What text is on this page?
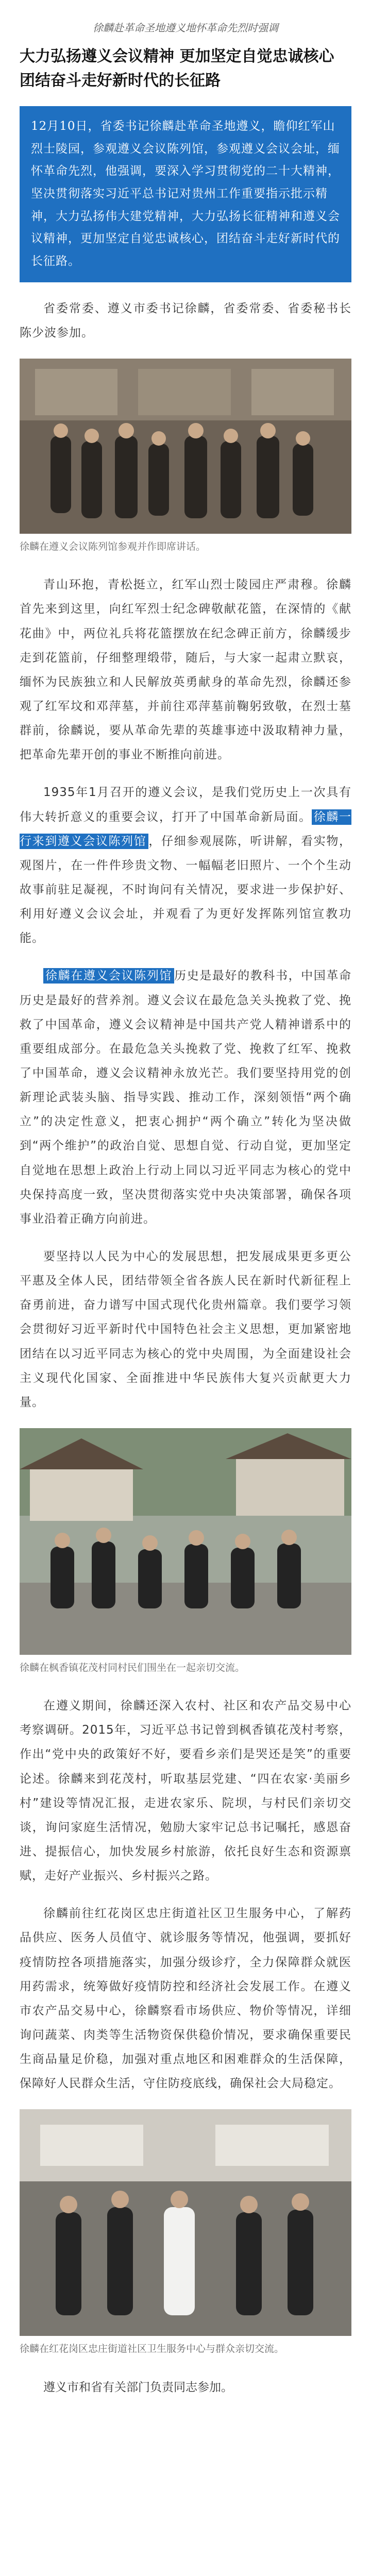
徐麟赴革命圣地遵义地怀革命先烈时强调
大力弘扬遵义会议精神 更加坚定自觉忠诚核心 团结奋斗走好新时代的长征路
12月10日，省委书记徐麟赴革命圣地遵义，瞻仰红军山烈士陵园，参观遵义会议陈列馆，参观遵义会议会址，缅怀革命先烈，他强调，要深入学习贯彻党的二十大精神，坚决贯彻落实习近平总书记对贵州工作重要指示批示精神，大力弘扬伟大建党精神，大力弘扬长征精神和遵义会议精神，更加坚定自觉忠诚核心，团结奋斗走好新时代的长征路。

省委常委、遵义市委书记徐麟，省委常委、省委秘书长陈少波参加。

徐麟在遵义会议陈列馆参观并作即席讲话。

青山环抱，青松挺立，红军山烈士陵园庄严肃穆。徐麟首先来到这里，向红军烈士纪念碑敬献花篮，在深情的《献花曲》中，两位礼兵将花篮摆放在纪念碑正前方，徐麟缓步走到花篮前，仔细整理缎带，随后，与大家一起肃立默哀，缅怀为民族独立和人民解放英勇献身的革命先烈，徐麟还参观了红军坟和邓萍墓，并前往邓萍墓前鞠躬致敬，在烈士墓群前，徐麟说，要从革命先辈的英雄事迹中汲取精神力量，把革命先辈开创的事业不断推向前进。

1935年1月召开的遵义会议，是我们党历史上一次具有伟大转折意义的重要会议，打开了中国革命新局面。 徐麟一行来到遵义会议陈列馆 ，仔细参观展陈，听讲解，看实物，观图片，在一件件珍贵文物、一幅幅老旧照片、一个个生动故事前驻足凝视，不时询问有关情况，要求进一步保护好、利用好遵义会议会址，并观看了为更好发挥陈列馆宣教功能。

徐麟在遵义会议陈列馆 历史是最好的教科书，中国革命历史是最好的营养剂。遵义会议在最危急关头挽救了党、挽救了中国革命，遵义会议精神是中国共产党人精神谱系中的重要组成部分。在最危急关头挽救了党、挽救了红军、挽救了中国革命，遵义会议精神永放光芒。我们要坚持用党的创新理论武装头脑、指导实践、推动工作，深刻领悟“两个确立”的决定性意义，把衷心拥护“两个确立”转化为坚决做到“两个维护”的政治自觉、思想自觉、行动自觉，更加坚定自觉地在思想上政治上行动上同以习近平同志为核心的党中央保持高度一致，坚决贯彻落实党中央决策部署，确保各项事业沿着正确方向前进。

要坚持以人民为中心的发展思想，把发展成果更多更公平惠及全体人民，团结带领全省各族人民在新时代新征程上奋勇前进，奋力谱写中国式现代化贵州篇章。我们要学习领会贯彻好习近平新时代中国特色社会主义思想，更加紧密地团结在以习近平同志为核心的党中央周围，为全面建设社会主义现代化国家、全面推进中华民族伟大复兴贡献更大力量。

徐麟在枫香镇花茂村同村民们围坐在一起亲切交流。

在遵义期间，徐麟还深入农村、社区和农产品交易中心考察调研。2015年，习近平总书记曾到枫香镇花茂村考察，作出“党中央的政策好不好，要看乡亲们是哭还是笑”的重要论述。徐麟来到花茂村，听取基层党建、“四在农家·美丽乡村”建设等情况汇报，走进农家乐、院坝，与村民们亲切交谈，询问家庭生活情况，勉励大家牢记总书记嘱托，感恩奋进、提振信心，加快发展乡村旅游，依托良好生态和资源禀赋，走好产业振兴、乡村振兴之路。

徐麟前往红花岗区忠庄街道社区卫生服务中心，了解药品供应、医务人员值守、就诊服务等情况，他强调，要抓好疫情防控各项措施落实，加强分级诊疗，全力保障群众就医用药需求，统筹做好疫情防控和经济社会发展工作。在遵义市农产品交易中心，徐麟察看市场供应、物价等情况，详细询问蔬菜、肉类等生活物资保供稳价情况，要求确保重要民生商品量足价稳，加强对重点地区和困难群众的生活保障，保障好人民群众生活，守住防疫底线，确保社会大局稳定。

徐麟在红花岗区忠庄街道社区卫生服务中心与群众亲切交流。
遵义市和省有关部门负责同志参加。
